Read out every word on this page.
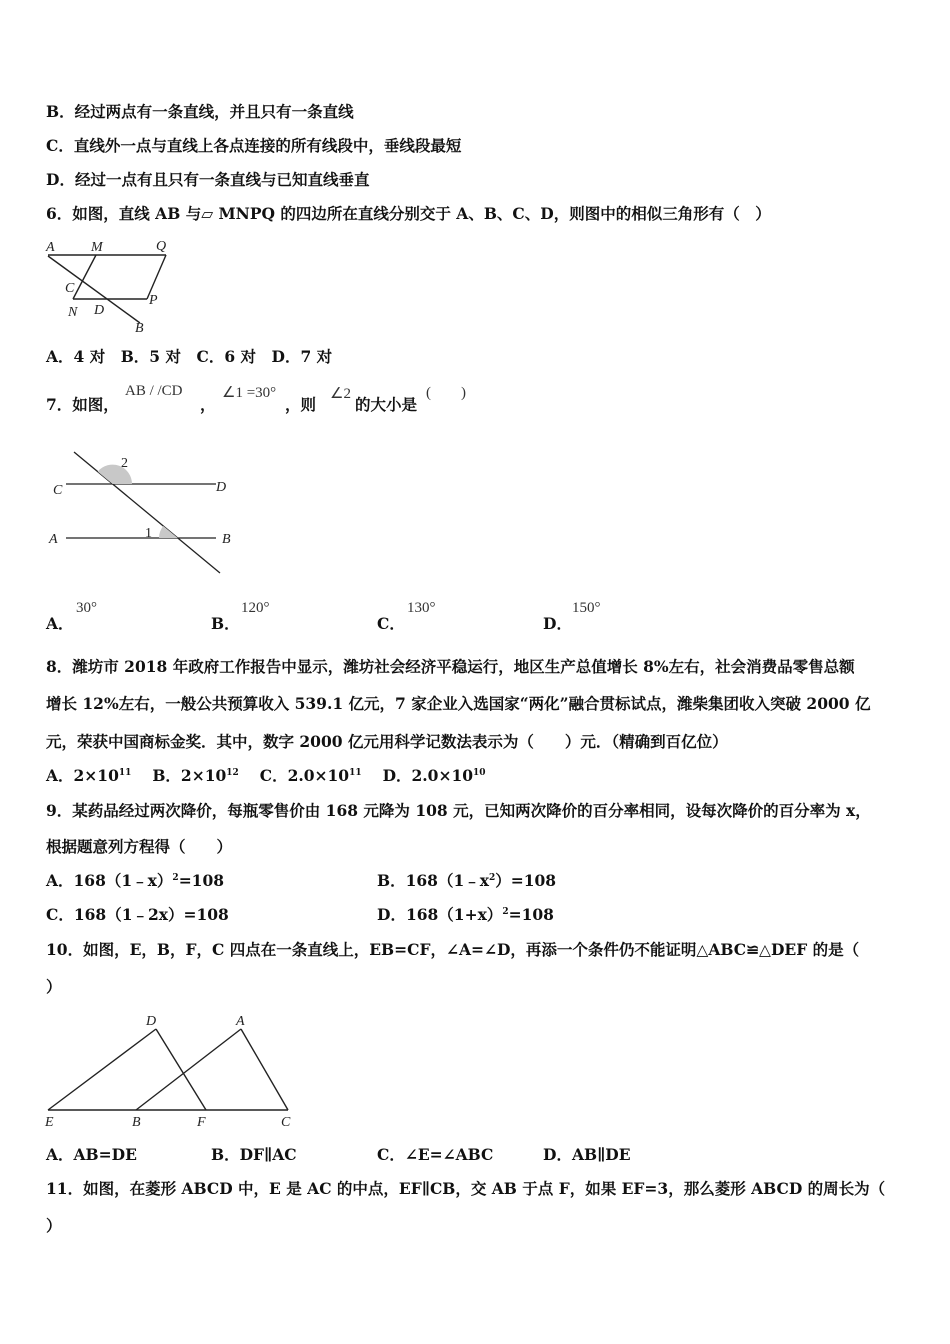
B．经过两点有一条直线，并且只有一条直线
C．直线外一点与直线上各点连接的所有线段中，垂线段最短
D．经过一点有且只有一条直线与已知直线垂直
6．如图，直线 AB 与▱ MNPQ 的四边所在直线分别交于 A、B、C、D，则图中的相似三角形有（　）
A	M	Q
C
P
N D
B
A．4 对　B．5 对　C．6 对　D．7 对
7．如图，
AB / /CD
，
∠1 =30°
，则
∠2
的大小是
(　　)
C	D
A	B
1
2
A．
30°
B．
120°
C．
130°
D．
150°
8．潍坊市 2018 年政府工作报告中显示，潍坊社会经济平稳运行，地区生产总值增长 8%左右，社会消费品零售总额
增长 12%左右，一般公共预算收入 539.1 亿元，7 家企业入选国家“两化”融合贯标试点，潍柴集团收入突破 2000 亿
元，荣获中国商标金奖．其中，数字 2000 亿元用科学记数法表示为（　　）元．（精确到百亿位）
A．$2\times 10^{11}$　 B．$2\times 10^{12}$　 C．$2.0\times 10^{11}$　 D．$2.0\times 10^{10}$
9．某药品经过两次降价，每瓶零售价由 168 元降为 108 元，已知两次降价的百分率相同，设每次降价的百分率为 x，
根据题意列方程得（　　）
A．168（1﹣x）$^2$=108	B．$168(1﹣x^2)=108$
C．168（1﹣2x）=108	D．$168(1+x)^2=108$
10．如图，E，B，F，C 四点在一条直线上，EB=CF，∠A=∠D，再添一个条件仍不能证明△ABC≌△DEF 的是（
）
D	A
E	B	F	C
A．AB=DE	B．DF∥AC	C．∠E=∠ABC	D．AB∥DE
11．如图，在菱形 ABCD 中，E 是 AC 的中点，EF∥CB，交 AB 于点 F，如果 EF=3，那么菱形 ABCD 的周长为（
）
